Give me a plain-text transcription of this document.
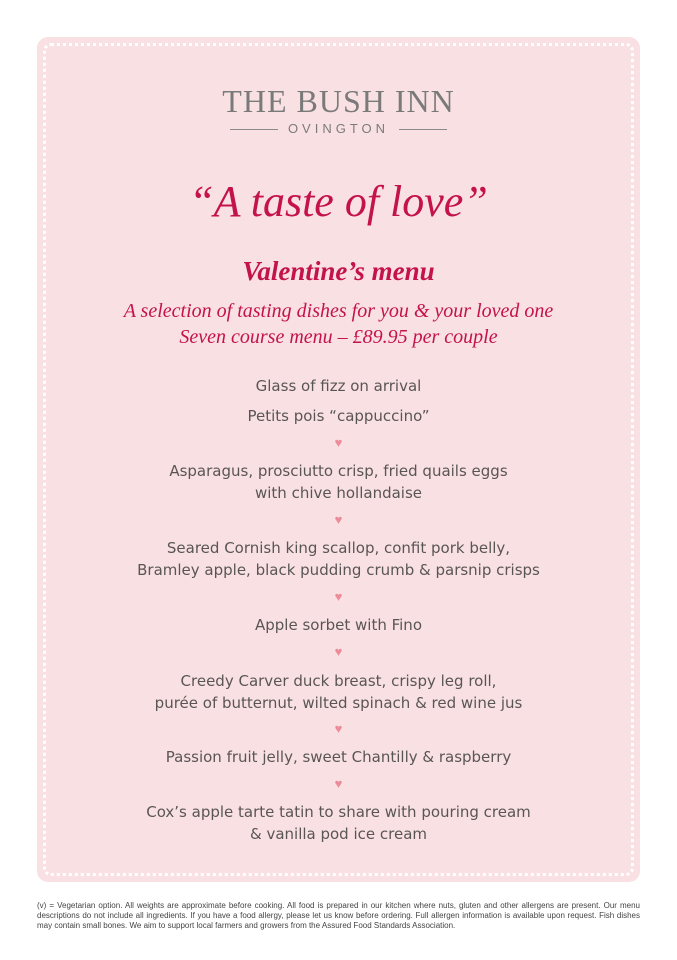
THE BUSH INN
OVINGTON
“A taste of love”
Valentine’s menu
A selection of tasting dishes for you & your loved one
Seven course menu – £89.95 per couple
Glass of fizz on arrival
Petits pois “cappuccino”
♥
Asparagus, prosciutto crisp, fried quails eggs
with chive hollandaise
♥
Seared Cornish king scallop, confit pork belly,
Bramley apple, black pudding crumb & parsnip crisps
♥
Apple sorbet with Fino
♥
Creedy Carver duck breast, crispy leg roll,
purée of butternut, wilted spinach & red wine jus
♥
Passion fruit jelly, sweet Chantilly & raspberry
♥
Cox’s apple tarte tatin to share with pouring cream
& vanilla pod ice cream
(v) = Vegetarian option. All weights are approximate before cooking. All food is prepared in our kitchen where nuts, gluten and other allergens are present. Our menu descriptions do not include all ingredients. If you have a food allergy, please let us know before ordering. Full allergen information is available upon request. Fish dishes may contain small bones. We aim to support local farmers and growers from the Assured Food Standards Association.
